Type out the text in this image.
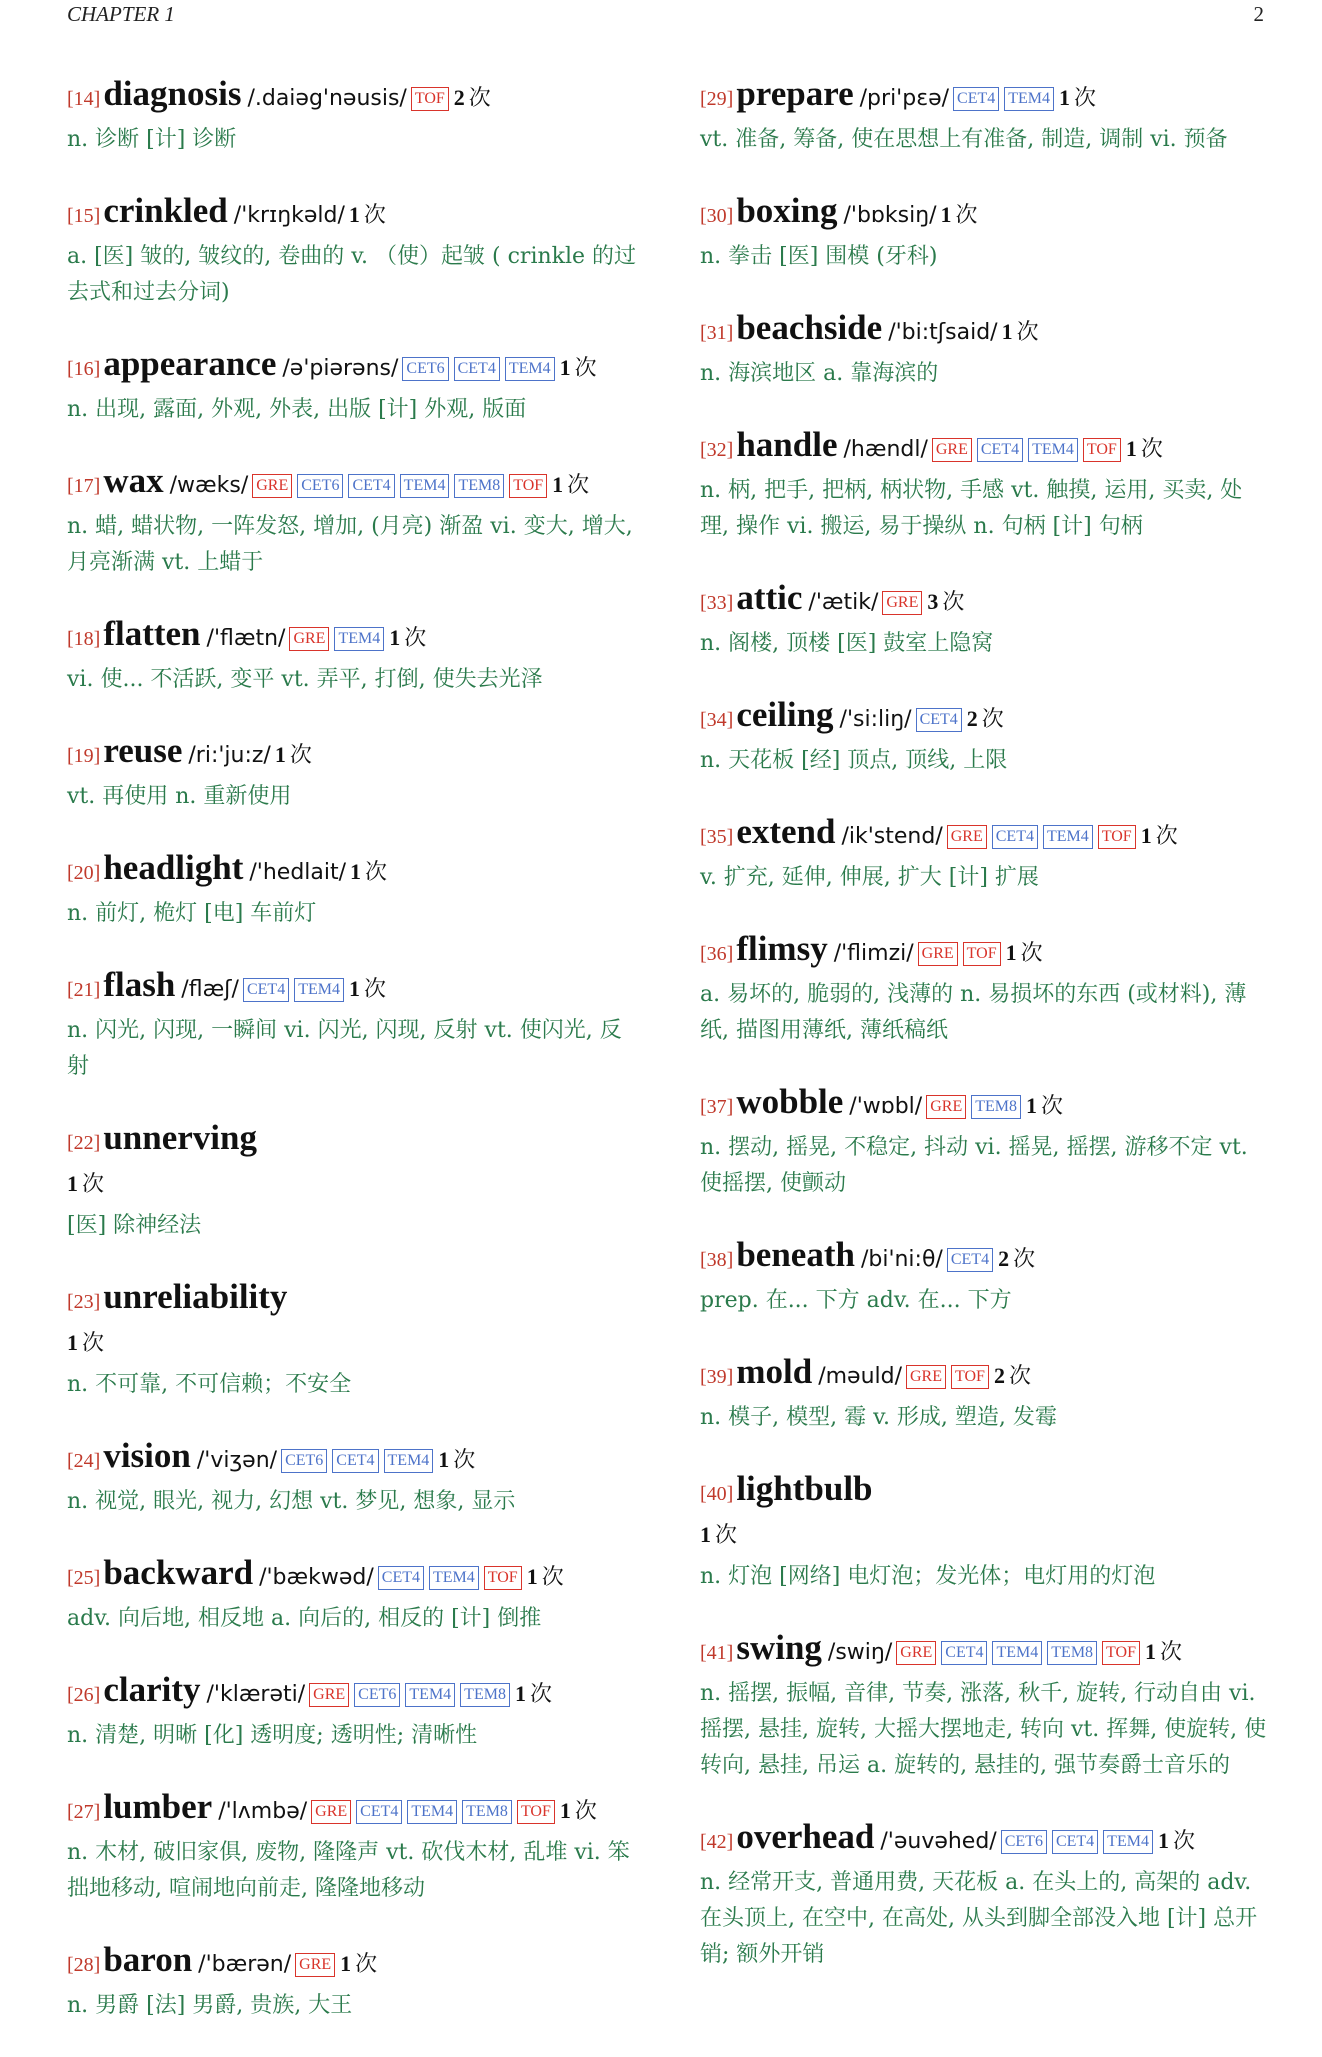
CHAPTER 1	2
[14]diagnosis /.daiəg'nəusis/ TOF 2 次
n. 诊断 [计] 诊断
[15]crinkled /'krɪŋkəld/ 1 次
a. [医] 皱的, 皱纹的, 卷曲的 v. （使）起皱 ( crinkle 的过去式和过去分词)
[16]appearance /ə'piərəns/ CET6 CET4 TEM4 1 次
n. 出现, 露面, 外观, 外表, 出版 [计] 外观, 版面
[17]wax /wæks/ GRE CET6 CET4 TEM4 TEM8 TOF 1 次
n. 蜡, 蜡状物, 一阵发怒, 增加, (月亮) 渐盈 vi. 变大, 增大, 月亮渐满 vt. 上蜡于
[18]flatten /'flætn/ GRE TEM4 1 次
vi. 使... 不活跃, 变平 vt. 弄平, 打倒, 使失去光泽
[19]reuse /ri:'ju:z/ 1 次
vt. 再使用 n. 重新使用
[20]headlight /'hedlait/ 1 次
n. 前灯, 桅灯 [电] 车前灯
[21]flash /flæʃ/ CET4 TEM4 1 次
n. 闪光, 闪现, 一瞬间 vi. 闪光, 闪现, 反射 vt. 使闪光, 反射
[22]unnerving
1 次
[医] 除神经法
[23]unreliability
1 次
n. 不可靠, 不可信赖；不安全
[24]vision /'viʒən/ CET6 CET4 TEM4 1 次
n. 视觉, 眼光, 视力, 幻想 vt. 梦见, 想象, 显示
[25]backward /'bækwəd/ CET4 TEM4 TOF 1 次
adv. 向后地, 相反地 a. 向后的, 相反的 [计] 倒推
[26]clarity /'klærəti/ GRE CET6 TEM4 TEM8 1 次
n. 清楚, 明晰 [化] 透明度; 透明性; 清晰性
[27]lumber /'lʌmbə/ GRE CET4 TEM4 TEM8 TOF 1 次
n. 木材, 破旧家俱, 废物, 隆隆声 vt. 砍伐木材, 乱堆 vi. 笨拙地移动, 喧闹地向前走, 隆隆地移动
[28]baron /'bærən/ GRE 1 次
n. 男爵 [法] 男爵, 贵族, 大王
[29]prepare /pri'pɛə/ CET4 TEM4 1 次
vt. 准备, 筹备, 使在思想上有准备, 制造, 调制 vi. 预备
[30]boxing /'bɒksiŋ/ 1 次
n. 拳击 [医] 围模 (牙科)
[31]beachside /'bi:tʃsaid/ 1 次
n. 海滨地区 a. 靠海滨的
[32]handle /hændl/ GRE CET4 TEM4 TOF 1 次
n. 柄, 把手, 把柄, 柄状物, 手感 vt. 触摸, 运用, 买卖, 处理, 操作 vi. 搬运, 易于操纵 n. 句柄 [计] 句柄
[33]attic /'ætik/ GRE 3 次
n. 阁楼, 顶楼 [医] 鼓室上隐窝
[34]ceiling /'si:liŋ/ CET4 2 次
n. 天花板 [经] 顶点, 顶线, 上限
[35]extend /ik'stend/ GRE CET4 TEM4 TOF 1 次
v. 扩充, 延伸, 伸展, 扩大 [计] 扩展
[36]flimsy /'flimzi/ GRE TOF 1 次
a. 易坏的, 脆弱的, 浅薄的 n. 易损坏的东西 (或材料), 薄纸, 描图用薄纸, 薄纸稿纸
[37]wobble /'wɒbl/ GRE TEM8 1 次
n. 摆动, 摇晃, 不稳定, 抖动 vi. 摇晃, 摇摆, 游移不定 vt. 使摇摆, 使颤动
[38]beneath /bi'ni:θ/ CET4 2 次
prep. 在... 下方 adv. 在... 下方
[39]mold /məuld/ GRE TOF 2 次
n. 模子, 模型, 霉 v. 形成, 塑造, 发霉
[40]lightbulb
1 次
n. 灯泡 [网络] 电灯泡；发光体；电灯用的灯泡
[41]swing /swiŋ/ GRE CET4 TEM4 TEM8 TOF 1 次
n. 摇摆, 振幅, 音律, 节奏, 涨落, 秋千, 旋转, 行动自由 vi. 摇摆, 悬挂, 旋转, 大摇大摆地走, 转向 vt. 挥舞, 使旋转, 使转向, 悬挂, 吊运 a. 旋转的, 悬挂的, 强节奏爵士音乐的
[42]overhead /'əuvəhed/ CET6 CET4 TEM4 1 次
n. 经常开支, 普通用费, 天花板 a. 在头上的, 高架的 adv. 在头顶上, 在空中, 在高处, 从头到脚全部没入地 [计] 总开销; 额外开销
